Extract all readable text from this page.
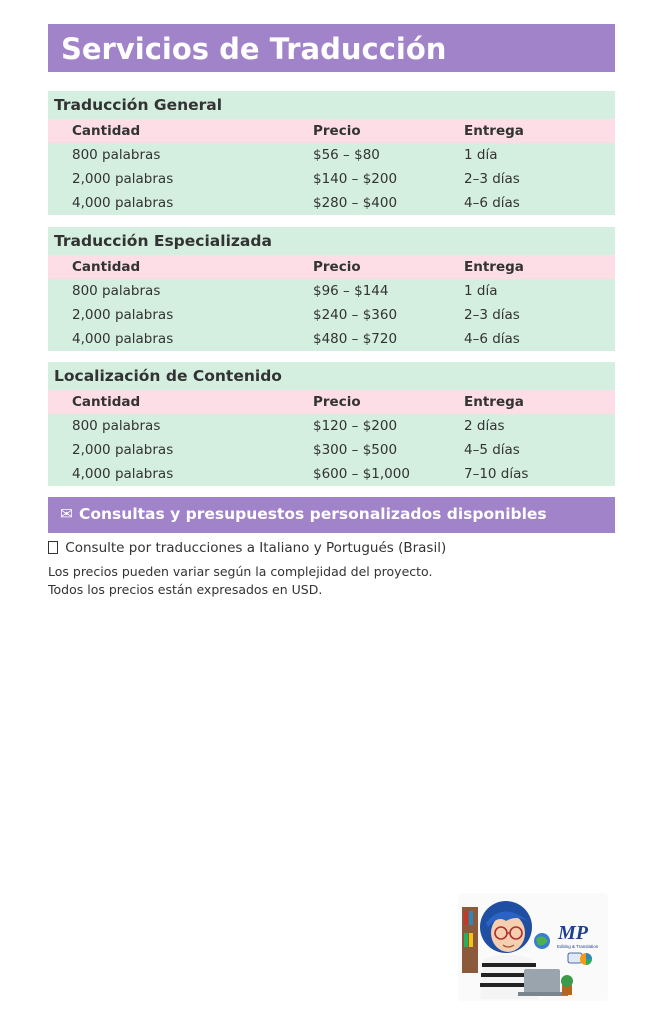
Servicios de Traducción
Traducción General
Cantidad	Precio	Entrega
800 palabras	$56 – $80	1 día
2,000 palabras	$140 – $200	2–3 días
4,000 palabras	$280 – $400	4–6 días
Traducción Especializada
Cantidad	Precio	Entrega
800 palabras	$96 – $144	1 día
2,000 palabras	$240 – $360	2–3 días
4,000 palabras	$480 – $720	4–6 días
Localización de Contenido
Cantidad	Precio	Entrega
800 palabras	$120 – $200	2 días
2,000 palabras	$300 – $500	4–5 días
4,000 palabras	$600 – $1,000	7–10 días
✉ Consultas y presupuestos personalizados disponibles
Consulte por traducciones a Italiano y Portugués (Brasil)
Los precios pueden variar según la complejidad del proyecto.
Todos los precios están expresados en USD.
MP
Editing & Translation
